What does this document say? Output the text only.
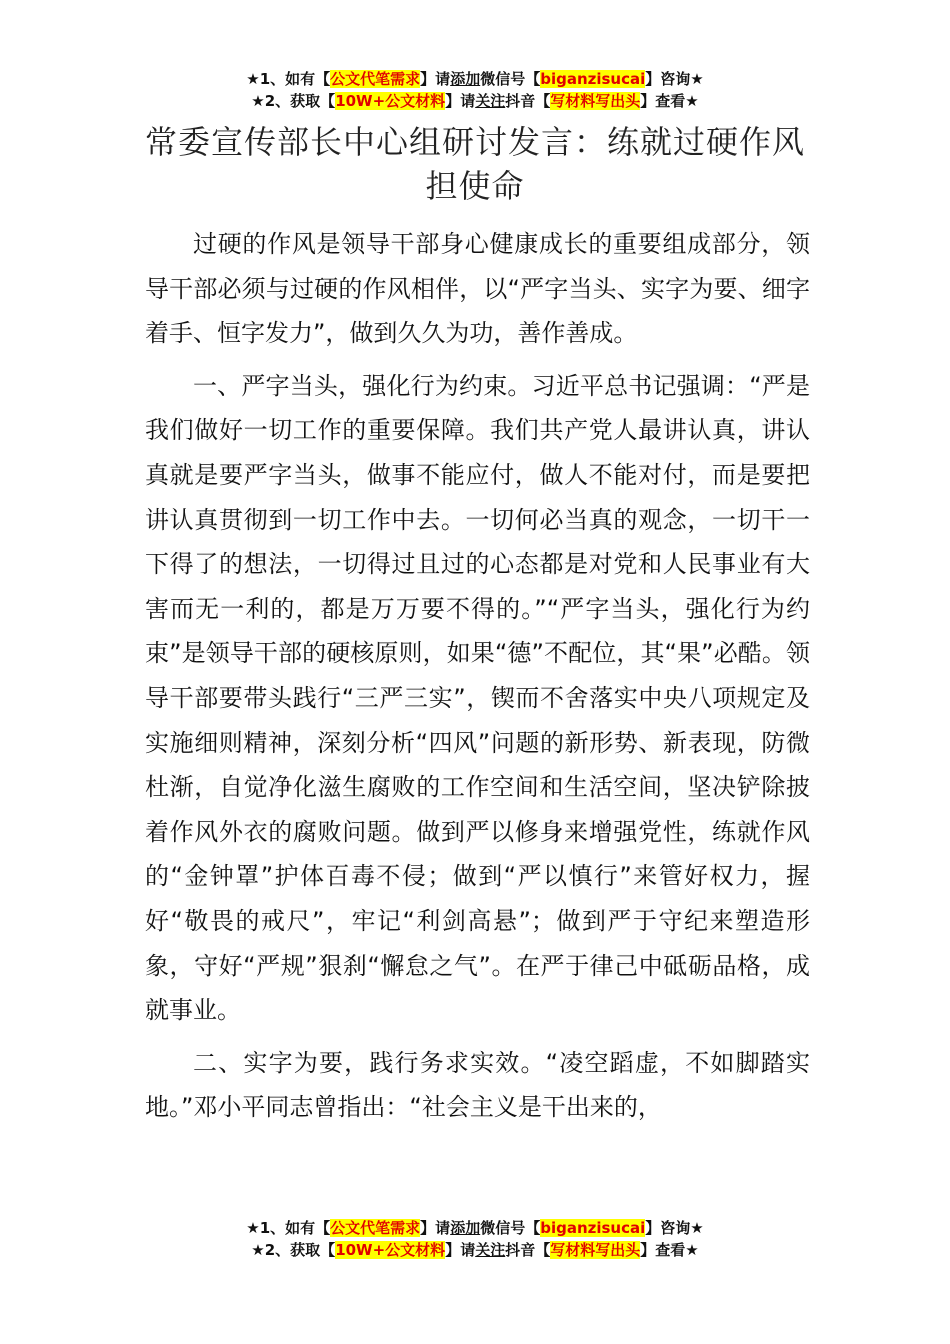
★1、如有【公文代笔需求】请添加微信号【biganzisucai】咨询★
★2、获取【10W+公文材料】请关注抖音【写材料写出头】查看★
常委宣传部长中心组研讨发言：练就过硬作风担使命

过硬的作风是领导干部身心健康成长的重要组成部分，领导干部必须与过硬的作风相伴，以“严字当头、实字为要、细字着手、恒字发力”，做到久久为功，善作善成。

一、严字当头，强化行为约束。习近平总书记强调：“严是我们做好一切工作的重要保障。我们共产党人最讲认真，讲认真就是要严字当头，做事不能应付，做人不能对付，而是要把讲认真贯彻到一切工作中去。一切何必当真的观念，一切干一下得了的想法，一切得过且过的心态都是对党和人民事业有大害而无一利的，都是万万要不得的。”“严字当头，强化行为约束”是领导干部的硬核原则，如果“德”不配位，其“果”必酷。领导干部要带头践行“三严三实”，锲而不舍落实中央八项规定及实施细则精神，深刻分析“四风”问题的新形势、新表现，防微杜渐，自觉净化滋生腐败的工作空间和生活空间，坚决铲除披着作风外衣的腐败问题。做到严以修身来增强党性，练就作风的“金钟罩”护体百毒不侵；做到“严以慎行”来管好权力，握好“敬畏的戒尺”，牢记“利剑高悬”；做到严于守纪来塑造形象，守好“严规”狠刹“懈怠之气”。在严于律己中砥砺品格，成就事业。

二、实字为要，践行务求实效。“凌空蹈虚，不如脚踏实地。”邓小平同志曾指出：“社会主义是干出来的，

★1、如有【公文代笔需求】请添加微信号【biganzisucai】咨询★
★2、获取【10W+公文材料】请关注抖音【写材料写出头】查看★
